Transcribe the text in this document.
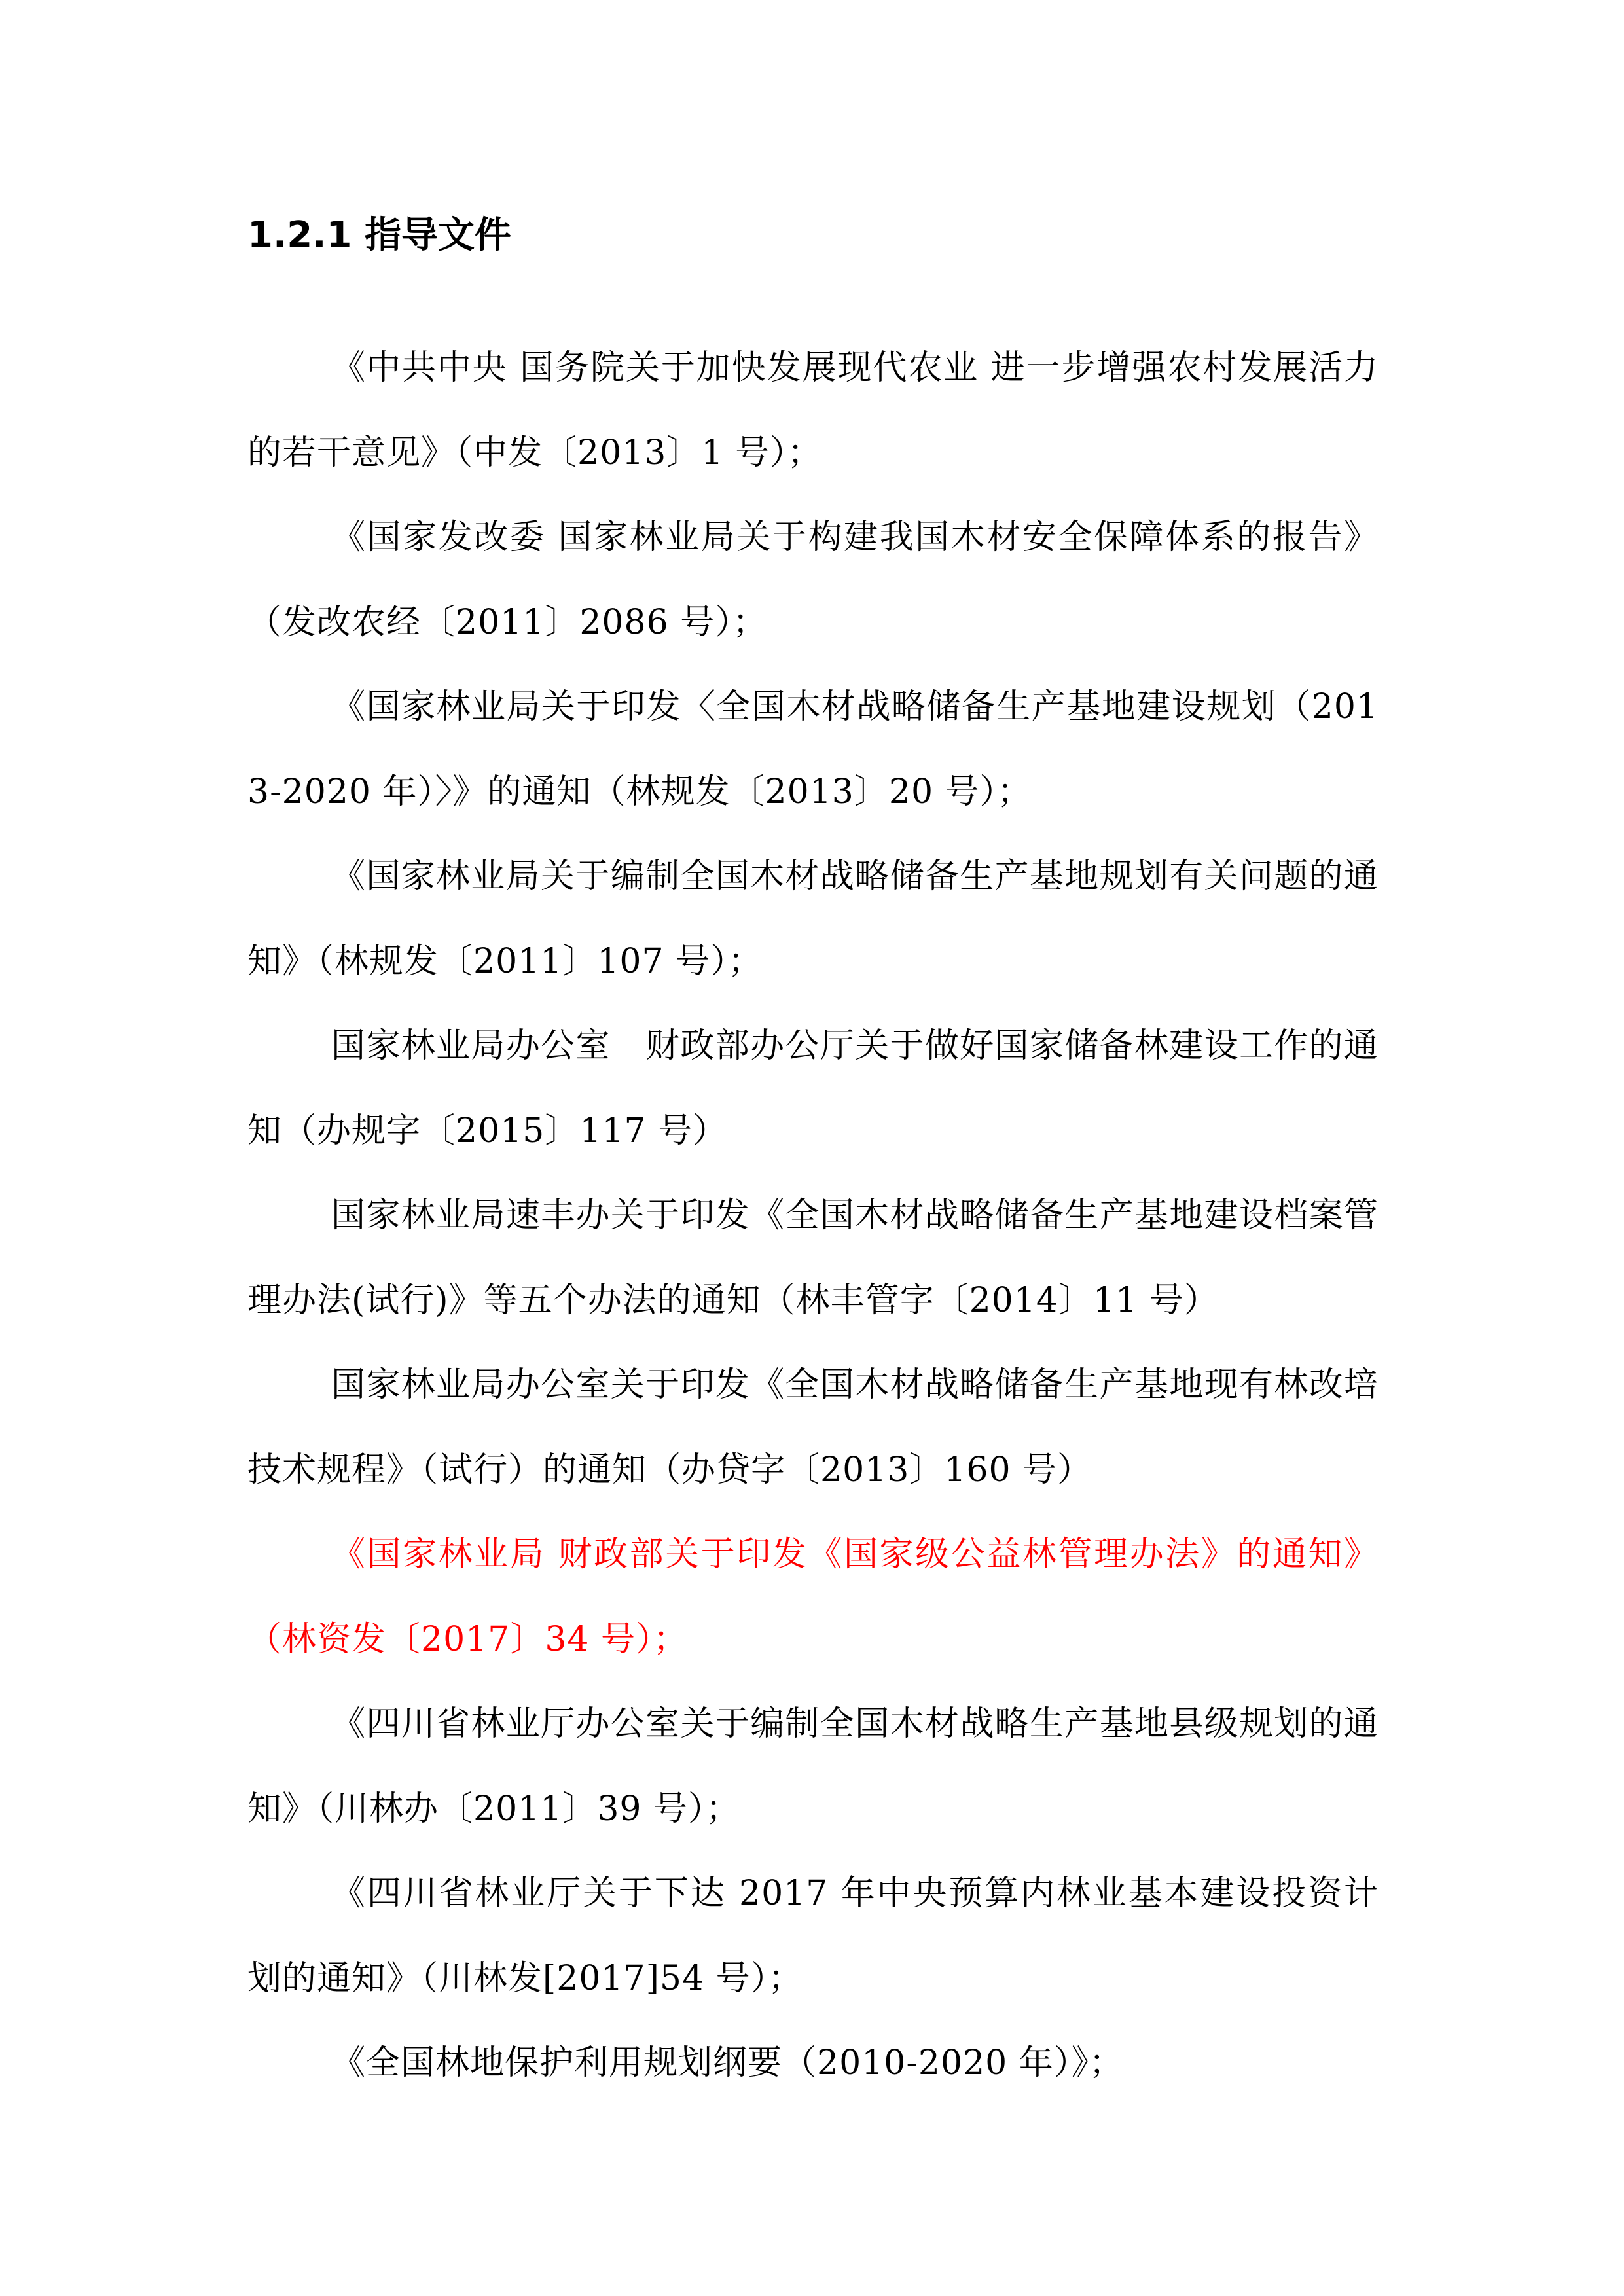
1.2.1 指导文件

《中共中央 国务院关于加快发展现代农业 进一步增强农村发展活力的若干意见》（中发〔2013〕1 号）；

《国家发改委 国家林业局关于构建我国木材安全保障体系的报告》（发改农经〔2011〕2086 号）；

《国家林业局关于印发〈全国木材战略储备生产基地建设规划（2013-2020 年）〉》的通知（林规发〔2013〕20 号）；

《国家林业局关于编制全国木材战略储备生产基地规划有关问题的通知》（林规发〔2011〕107 号）；

国家林业局办公室　财政部办公厅关于做好国家储备林建设工作的通知（办规字〔2015〕117 号）

国家林业局速丰办关于印发《全国木材战略储备生产基地建设档案管理办法(试行)》等五个办法的通知（林丰管字〔2014〕11 号）

国家林业局办公室关于印发《全国木材战略储备生产基地现有林改培技术规程》（试行）的通知（办贷字〔2013〕160 号）

《国家林业局 财政部关于印发《国家级公益林管理办法》的通知》（林资发〔2017〕34 号）；

《四川省林业厅办公室关于编制全国木材战略生产基地县级规划的通知》（川林办〔2011〕39 号）；

《四川省林业厅关于下达 2017 年中央预算内林业基本建设投资计划的通知》（川林发[2017]54 号）；

《全国林地保护利用规划纲要（2010-2020 年）》；
